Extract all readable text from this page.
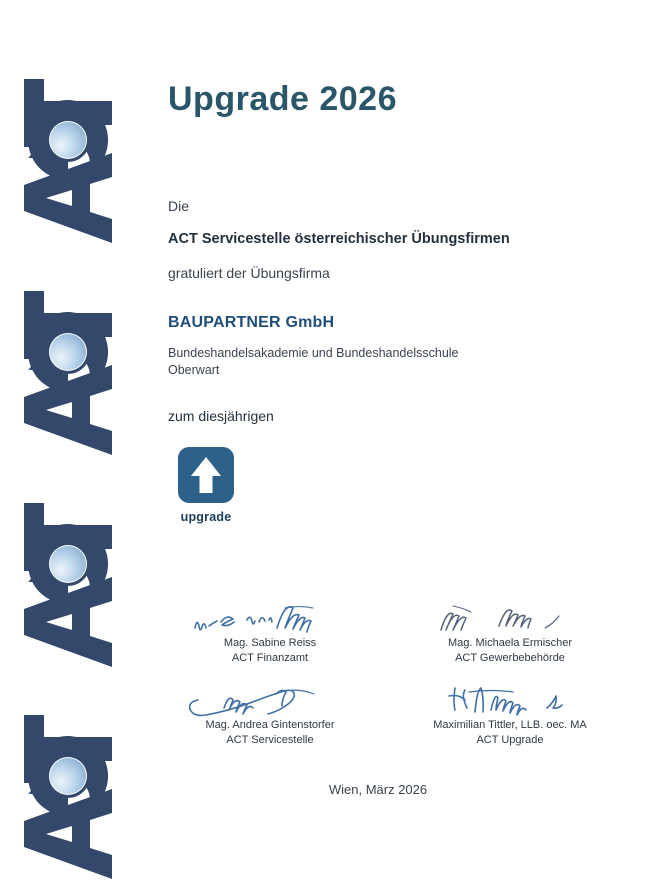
Upgrade 2026
Die
ACT Servicestelle österreichischer Übungsfirmen
gratuliert der Übungsfirma
BAUPARTNER GmbH
Bundeshandelsakademie und Bundeshandelsschule
Oberwart
zum diesjährigen
upgrade
Mag. Sabine Reiss
ACT Finanzamt
Mag. Michaela Ermischer
ACT Gewerbebehörde
Mag. Andrea Gintenstorfer
ACT Servicestelle
Maximilian Tittler, LLB. oec. MA
ACT Upgrade
Wien, März 2026
